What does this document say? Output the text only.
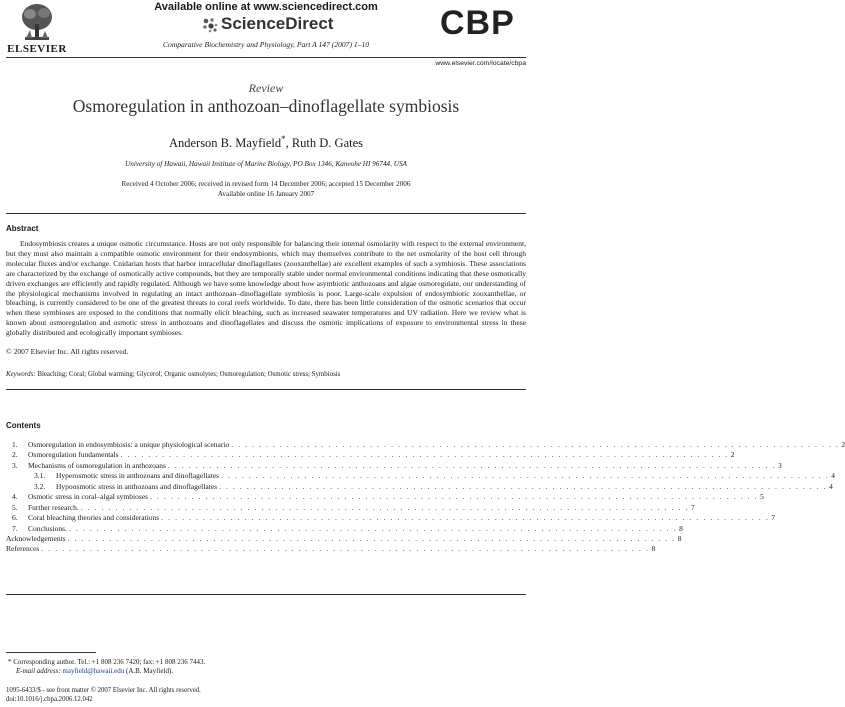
ELSEVIER
Available online at www.sciencedirect.com
ScienceDirect
Comparative Biochemistry and Physiology, Part A 147 (2007) 1–10
CBP
www.elsevier.com/locate/cbpa
Review
Osmoregulation in anthozoan–dinoflagellate symbiosis
Anderson B. Mayfield*, Ruth D. Gates
University of Hawaii, Hawaii Institute of Marine Biology, PO Box 1346, Kaneohe HI 96744, USA
Received 4 October 2006; received in revised form 14 December 2006; accepted 15 December 2006
Available online 16 January 2007
Abstract

Endosymbiosis creates a unique osmotic circumstance. Hosts are not only responsible for balancing their internal osmolarity with respect to the external environment, but they must also maintain a compatible osmotic environment for their endosymbionts, which may themselves contribute to the net osmolarity of the host cell through molecular fluxes and/or exchange. Cnidarian hosts that harbor intracellular dinoflagellates (zooxanthellae) are excellent examples of such a symbiosis. These associations are characterized by the exchange of osmotically active compounds, but they are temporally stable under normal environmental conditions indicating that these osmotically driven exchanges are efficiently and rapidly regulated. Although we have some knowledge about how asymbiotic anthozoans and algae osmoregulate, our understanding of the physiological mechanisms involved in regulating an intact anthozoan–dinoflagellate symbiosis is poor. Large-scale expulsion of endosymbiotic zooxanthellae, or bleaching, is currently considered to be one of the greatest threats to coral reefs worldwide. To date, there has been little consideration of the osmotic scenarios that occur when these symbioses are exposed to the conditions that normally elicit bleaching, such as increased seawater temperatures and UV radiation. Here we review what is known about osmoregulation and osmotic stress in anthozoans and dinoflagellates and discuss the osmotic implications of exposure to environmental stress in these globally distributed and ecologically important symbioses.

© 2007 Elsevier Inc. All rights reserved.
Keywords: Bleaching; Coral; Global warming; Glycerol; Organic osmolytes; Osmoregulation; Osmotic stress; Symbiosis
Contents
1.	Osmoregulation in endosymbiosis: a unique physiological scenario . . . . . . . . . . . . . . . . . . . . . . . . . . . . . . . . . . . . . . . . . . . . . . . . . . . . . . . . . . . . . . . . . . . . . . . . . . . . . . . . . . . . . . . . 2
2.	Osmoregulation fundamentals . . . . . . . . . . . . . . . . . . . . . . . . . . . . . . . . . . . . . . . . . . . . . . . . . . . . . . . . . . . . . . . . . . . . . . . . . . . . . . . . . . . . . . . . 2
3.	Mechanisms of osmoregulation in anthozoans . . . . . . . . . . . . . . . . . . . . . . . . . . . . . . . . . . . . . . . . . . . . . . . . . . . . . . . . . . . . . . . . . . . . . . . . . . . . . . . . . . . . . . . . 3
3.1.	Hyperosmotic stress in anthozoans and dinoflagellates . . . . . . . . . . . . . . . . . . . . . . . . . . . . . . . . . . . . . . . . . . . . . . . . . . . . . . . . . . . . . . . . . . . . . . . . . . . . . . . . . . . . . . . . 4
3.2.	Hypoosmotic stress in anthozoans and dinoflagellates . . . . . . . . . . . . . . . . . . . . . . . . . . . . . . . . . . . . . . . . . . . . . . . . . . . . . . . . . . . . . . . . . . . . . . . . . . . . . . . . . . . . . . . . 4
4.	Osmotic stress in coral–algal symbioses . . . . . . . . . . . . . . . . . . . . . . . . . . . . . . . . . . . . . . . . . . . . . . . . . . . . . . . . . . . . . . . . . . . . . . . . . . . . . . . . . . . . . . . . 5
5.	Further research. . . . . . . . . . . . . . . . . . . . . . . . . . . . . . . . . . . . . . . . . . . . . . . . . . . . . . . . . . . . . . . . . . . . . . . . . . . . . . . . . . . . . . . . . 7
6.	Coral bleaching theories and considerations . . . . . . . . . . . . . . . . . . . . . . . . . . . . . . . . . . . . . . . . . . . . . . . . . . . . . . . . . . . . . . . . . . . . . . . . . . . . . . . . . . . . . . . . 7
7.	Conclusions. . . . . . . . . . . . . . . . . . . . . . . . . . . . . . . . . . . . . . . . . . . . . . . . . . . . . . . . . . . . . . . . . . . . . . . . . . . . . . . . . . . . . . . . . 8
Acknowledgements . . . . . . . . . . . . . . . . . . . . . . . . . . . . . . . . . . . . . . . . . . . . . . . . . . . . . . . . . . . . . . . . . . . . . . . . . . . . . . . . . . . . . . . . 8
References . . . . . . . . . . . . . . . . . . . . . . . . . . . . . . . . . . . . . . . . . . . . . . . . . . . . . . . . . . . . . . . . . . . . . . . . . . . . . . . . . . . . . . . . 8
* Corresponding author. Tel.: +1 808 236 7420; fax: +1 808 236 7443.
E-mail address: mayfield@hawaii.edu (A.B. Mayfield).
1095-6433/$ - see front matter © 2007 Elsevier Inc. All rights reserved.
doi:10.1016/j.cbpa.2006.12.042
